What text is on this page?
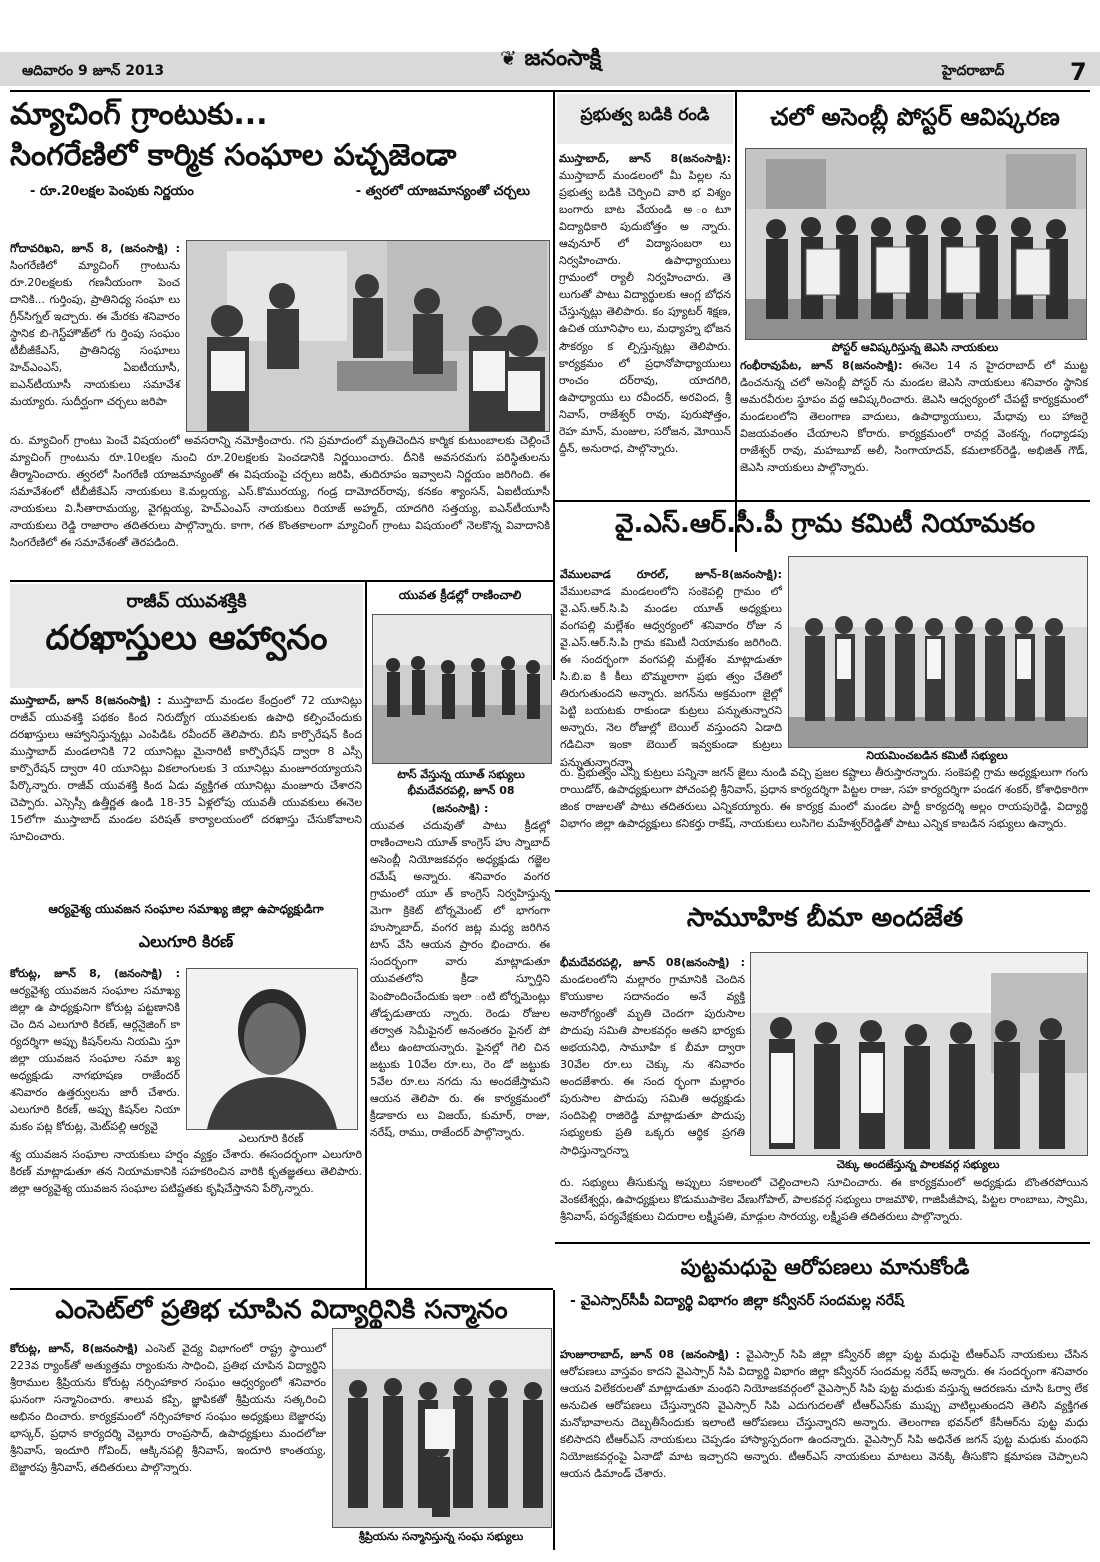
ఆదివారం 9 జూన్ 2013
❦ జనంసాక్షి	హైదరాబాద్	7
మ్యాచింగ్ గ్రాంటుకు...
సింగరేణిలో కార్మిక సంఘాల పచ్చజెండా
- రూ.20లక్షల పెంపుకు నిర్ణయం	- త్వరలో యాజమాన్యంతో చర్చలు
గోదావరిఖని, జూన్ 8, (జనంసాక్షి) : సింగరేణిలో మ్యాచింగ్ గ్రాంటును రూ.20లక్షలకు గణనీయంగా పెంచ దానికి... గుర్తింపు, ప్రాతినిధ్య సంఘా లు గ్రీన్‌సిగ్నల్ ఇచ్చారు. ఈ మేరకు శనివారం స్థానిక బి-గెస్ట్‌హౌజ్‌లో గు ర్తింపు సంఘం టీబీజీకేఎస్, ప్రాతినిధ్య సంఘాలు హెచ్ఎంఎస్, ఏఐటీయూసీ, ఐఎన్‌టీయూసీ నాయకులు సమావేశ మయ్యారు. సుదీర్ఘంగా చర్చలు జరిపా
రు. మ్యాచింగ్ గ్రాంటు పెంచే విషయంలో అవసరాన్ని నమోక్రించారు. గని ప్రమాదంలో మృతిచెందిన కార్మిక కుటుంబాలకు చెల్లించే మ్యాచింగ్ గ్రాంటును రూ.10లక్షల నుంచి రూ.20లక్షలకు పెంచడానికి నిర్ణయించారు. దీనికి అవసరమగు పరిస్థితులను తీర్మానించారు. త్వరలో సింగరేణి యాజమాన్యంతో ఈ విషయంపై చర్చలు జరిపి, తుదిరూపం ఇవ్వాలని నిర్ణయం జరిగింది. ఈ సమావేశంలో టీబీజీకేఎస్ నాయకులు కె.మల్లయ్య, ఎస్.కొమురయ్య, గండ్ర దామోదర్‌రావు, కనకం శ్యాంసన్, ఏఐటీయూసీ నాయకులు వి.సీతారామయ్య, వైగట్లయ్య, హెచ్ఎంఎస్ నాయకులు రియాజ్ అహ్మద్, యాదగిరి సత్తయ్య, ఐఎన్‌టీయూసీ నాయకులు రెడ్డి రాజారాం తదితరులు పాల్గొన్నారు. కాగా, గత కొంతకాలంగా మ్యాచింగ్ గ్రాంటు విషయంలో నెలకొన్న వివాదానికి సింగరేణిలో ఈ సమావేశంతో తెరపడింది.
ప్రభుత్వ బడికి రండి
ముస్తాబాద్, జూన్ 8(జనంసాక్షి): ముస్తాబాద్ మండలంలో మీ పిల్లల ను ప్రభుత్వ బడికి చెర్పించి వారి భ విశ్యం బంగారు బాట వేయండి అ ంటూ విద్యాధికారి పుదుబోత్తం అ న్నారు. ఆవునూర్ లో విద్యాసంబరా లు నిర్వహించారు. ఉపాధ్యాయులు గ్రామంలో ర్యాలీ నిర్వహించారు. తె లుగుతో పాటు విద్యార్థులకు ఆంగ్ల బోధన చేస్తున్నట్లు తెలిపారు. కం ప్యూటర్ శిక్షణ, ఉచిత యూనిఫాం లు, మధ్యాహ్న భోజన సౌకర్యం క ల్పిస్తున్నట్లు తెలిపారు. కార్యక్రమం లో ప్రధానోపాధ్యాయులు రాంచం దర్‌రావు, యాదగిరి, ఉపాధ్యాయు లు రవీందర్, అరవింద, శ్రీ నివాస్, రాజేశ్వర్ రావు, పురుషోత్తం, రెహ మాన్, మంజుల, సరోజన, మోయిన్ ద్దీన్, అనురాధ, పాల్గొన్నారు.
చలో అసెంబ్లీ పోస్టర్ ఆవిష్కరణ
పోస్టర్ ఆవిష్కరిస్తున్న జెఎసి నాయకులు
గంభీరావుపేట, జూన్ 8(జనంసాక్షి): ఈనెల 14 న హైదరాబాద్ లో ముట్ట డించనున్న చలో అసెంబ్లీ పోస్టర్ ను మండల జెఎసి నాయకులు శనివారం స్థానిక అమరవీరుల స్థూపం వద్ద ఆవిష్కరించారు. జెఎసి ఆధ్వర్యంలో చేపట్టే కార్యక్రమంలో మండలంలోని తెలంగాణ వాదులు, ఉపాధ్యాయులు, మేధావు లు హాజరై విజయవంతం చేయాలని కోరారు. కార్యక్రమంలో రావర్ల వెంకన్న, గంధ్యాడపు రాజేశ్వర్ రావు, మహబూబ్ అలీ, సింగాయాదవ్, కమలాకర్‌రెడ్డి, అభిజిత్ గౌడ్, జెఎసి నాయకులు పాల్గొన్నారు.
వై.ఎస్.ఆర్.సీ.పీ గ్రామ కమిటీ నియామకం
వేములవాడ రూరల్, జూన్-8(జనంసాక్షి): వేములవాడ మండలంలోని సంకెపల్లి గ్రామం లో వై.ఎస్.ఆర్.సి.పి మండల యూత్ అధ్యక్షులు వంగపల్లి మల్లేశం ఆధ్వర్యంలో శనివారం రోజు న వై.ఎస్.ఆర్.సి.పి గ్రామ కమిటీ నియామకం జరిగింది. ఈ సందర్భంగా వంగపల్లి మల్లేశం మాట్లాడుతూ సి.బి.ఐ కి కీలు బొమ్మలాగా ప్రభు త్వం చేతిలో తిరుగుతుందని అన్నారు. జగన్‌ను అక్రమంగా జైల్లో పెట్టి బయటకు రాకుండా కుట్రలు పన్నుతున్నారని అన్నారు, నెల రోజుల్లో బెయిల్ వస్తుందని ఏడాది గడిచినా ఇంకా బెయిల్ ఇవ్వకుండా కుట్రలు పన్నుతున్నారన్నా
నియమించబడిన కమిటీ సభ్యులు
రు. ప్రభుత్వం ఎన్ని కుట్రలు పన్నినా జగన్ జైలు నుండి వచ్చి ప్రజల కష్టాలు తీరుస్తారన్నారు. సంకెపల్లి గ్రామ అధ్యక్షులుగా గంగు రాయిడోర్, ఉపాధ్యక్షులుగా పోచంపల్లి శ్రీనివాస్, ప్రధాన కార్యదర్శిగా పిట్టల రాజు, సహ కార్యదర్శిగా పండగ శంకర్, కోశాధికారిగా జింక రాజులతో పాటు తదితరులు ఎన్నికయ్యారు. ఈ కార్యక్ర మంలో మండల పార్టీ కార్యదర్శి అల్లం రాయపురెడ్డి, విద్యార్థి విభాగం జిల్లా ఉపాధ్యక్షులు కనికర్తు రాకేష్, నాయకులు లుసిగెల మహేశ్వర్‌రెడ్డితో పాటు ఎన్నిక కాబడిన సభ్యులు ఉన్నారు.
రాజీవ్ యువశక్తికి
దరఖాస్తులు ఆహ్వానం
ముస్తాబాద్, జూన్ 8(జనంసాక్షి) : ముస్తాబాద్ మండల కేంద్రంలో 72 యూనిట్లు రాజీవ్ యువశక్తి పథకం కింద నిరుద్యోగ యువకులకు ఉపాధి కల్పించేందుకు దరఖాస్తులు ఆహ్వానిస్తున్నట్లు ఎంపిడిఓ రవీందర్ తెలిపారు. బిసి కార్పొరేషన్ కింద ముస్తాబాద్ మండలానికి 72 యూనిట్లు మైనారిటీ కార్పొరేషన్ ద్వారా 8 ఎస్సీ కార్పొరేషన్ ద్వారా 40 యూనిట్లు వికలాంగులకు 3 యూనిట్లు మంజూరయ్యాయని పేర్కొన్నారు. రాజీవ్ యువశక్తి కింద ఏడు వ్యక్తిగత యూనిట్లు మంజూరు చేశారని చెప్పారు. ఎస్సెస్సీ ఉత్తీర్ణత ఉండి 18-35 ఏళ్లలోపు యువతీ యువకులు ఈనెల 15లోగా ముస్తాబాద్ మండల పరిషత్ కార్యాలయంలో దరఖాస్తు చేసుకోవాలని సూచించారు.
ఆర్యవైశ్య యువజన సంఘాల సమాఖ్య జిల్లా ఉపాధ్యక్షుడిగా
ఎలుగూరి కిరణ్
కోరుట్ల, జూన్ 8, (జనంసాక్షి) : ఆర్యవైశ్య యువజన సంఘాల సమాఖ్య జిల్లా ఉ పాధ్యక్షునిగా కోరుట్ల పట్టణానికి చెం దిన ఎలుగూరి కిరణ్, ఆర్గనైజింగ్ కా ర్యదర్శిగా అప్పు కిషన్‌లను నియమి స్తూ జిల్లా యువజన సంఘాల సమా ఖ్య అధ్యక్షుడు నాగభూషణ రాజేందర్ శనివారం ఉత్తర్వులను జారీ చేశారు. ఎలుగూరి కిరణ్, అప్పు కిషన్‌ల నియా మకం పట్ల కోరుట్ల, మెట్‌పల్లి ఆర్యవై
ఎలుగూరి కిరణ్
శ్య యువజన సంఘాల నాయకులు హర్షం వ్యక్తం చేశారు. ఈసందర్భంగా ఎలుగూరి కిరణ్ మాట్లాడుతూ తన నియామకానికి సహకరించిన వారికి కృతజ్ఞతలు తెలిపారు. జిల్లా ఆర్యవైశ్య యువజన సంఘాల పటిష్టతకు కృషిచేస్తానని పేర్కొన్నారు.
యువత క్రీడల్లో రాణించాలి
టాస్ వేస్తున్న యూత్ సభ్యులు
భీమదేవరపల్లి, జూన్ 08
(జనంసాక్షి) :
యువత చదువుతో పాటు క్రీడల్లో రాణించాలని యూత్ కాంగ్రెస్ హు స్నాబాద్ అసెంబ్లీ నియోజకవర్గం అధ్యక్షుడు గజ్జెల రమేష్ అన్నారు. శనివారం వంగర గ్రామంలో యూ త్ కాంగ్రెస్ నిర్వహిస్తున్న మెగా క్రికెట్ టోర్నమెంట్ లో భాగంగా హుస్నాబాద్, వంగర జట్ల మధ్య జరిగిన టాస్ వేసి ఆయన ప్రారం భించారు. ఈ సందర్భంగా వారు మాట్లాడుతూ యువతలోని క్రీడా స్ఫూర్తిని పెంపొందించేందుకు ఇలా ంటి టోర్నమెంట్లు తోడ్పడుతాయ న్నారు. రెండు రోజుల తర్వాత సెమీఫైనల్ అనంతరం ఫైనల్ పో టీలు ఉంటాయన్నారు. ఫైనల్లో గెలి చిన జట్టుకు 10వేల రూ.లు, రెం డో జట్టుకు 5వేల రూ.లు నగదు ను అందజేస్తామని ఆయన తెలిపా రు. ఈ కార్యక్రమంలో క్రీడాకారు లు విజయ్, కుమార్, రాజు, నరేష్, రాము, రాజేందర్ పాల్గొన్నారు.
సామూహిక బీమా అందజేత
భీమదేవరపల్లి, జూన్ 08(జనంసాక్షి) : మండలంలోని మల్లారం గ్రామానికి చెందిన కొయుకాల సదానందం అనే వ్యక్తి అనారోగ్యంతో మృతి చెందగా పురుసాల పొదుపు సమితి పాలకవర్గం అతని భార్యకు అభయనిధి, సామూహి క బీమా ద్వారా 30వేల రూ.లు చెక్కు ను శనివారం అందజేశారు. ఈ సంద ర్భంగా మల్లారం పురుసాల పొదుపు సమితి అధ్యక్షుడు సందిపెల్లి రాజిరెడ్డి మాట్లాడుతూ పొదుపు సభ్యులకు ప్రతి ఒక్కరు ఆర్థిక ప్రగతి సాధిస్తున్నారన్నా
చెక్కు అందజేస్తున్న పాలకవర్గ సభ్యులు
రు. సభ్యులు తీసుకున్న అప్పులు సకాలంలో చెల్లించాలని సూచించారు. ఈ కార్యక్రమంలో అధ్యక్షుడు బొంతరపోయిన వెంకటేశ్వర్లు, ఉపాధ్యక్షులు కొడుముపాకెల వేణుగోపాల్, పాలకవర్గ సభ్యులు రాజమౌళి, గాజిపీజీపాష, పిట్టల రాంబాబు, స్వామి, శ్రీనివాస్, పర్యవేక్షకులు చిదురాల లక్ష్మీపతి, మాడ్గుల సారయ్య, లక్ష్మీపతి తదితరులు పాల్గొన్నారు.
ఎంసెట్‌లో ప్రతిభ చూపిన విద్యార్థినికి సన్మానం
కోరుట్ల, జూన్, 8(జనంసాక్షి) ఎంసెట్ వైద్య విభాగంలో రాష్ట్ర స్థాయిలో 223వ ర్యాంక్‌తో అత్యుత్తమ ర్యాంకును సాధించి, ప్రతిభ చూపిన విద్యార్థిని శ్రీరాముల శ్రీప్రియను కోరుట్ల నర్సింహాకార సంఘం ఆధ్వర్యంలో శనివారం ఘనంగా సన్మానించారు. శాలువ కప్పి, జ్ఞాపికతో శ్రీప్రియను సత్కరించి అభినం దించారు. కార్యక్రమంలో నర్సింహాకార సంఘం అధ్యక్షులు బెజ్జారపు భాస్కర్, ప్రధాన కార్యదర్శి వెల్లూరు రాంప్రసాద్, ఉపాధ్యక్షులు మందలోజు శ్రీనివాస్, ఇందూరి గోవింద్, ఆక్కినపల్లి శ్రీనివాస్, ఇందూరి కాంతయ్య, బెజ్జారపు శ్రీనివాస్, తదితరులు పాల్గొన్నారు.
శ్రీప్రియను సన్మానిస్తున్న సంఘ సభ్యులు
పుట్టమధుపై ఆరోపణలు మానుకోండి
- వైఎస్సార్‌సీపీ విద్యార్థి విభాగం జిల్లా కన్వీనర్ సందమల్ల నరేష్
హుజూరాబాద్, జూన్ 08 (జనంసాక్షి) : వైఎస్సార్ సిపి జిల్లా కన్వీనర్ జిల్లా పుట్ట మధుపై టీఆర్ఎస్ నాయకులు చేసిన ఆరోపణలు వాస్తవం కాదని వైఎస్సార్ సిపి విద్యార్థి విభాగం జిల్లా కన్వీనర్ సందమల్ల నరేష్ అన్నారు. ఈ సందర్భంగా శనివారం ఆయన విలేకరులతో మాట్లాడుతూ మంథని నియోజకవర్గంలో వైఎస్సార్ సిపి పుట్ట మధుకు వస్తున్న ఆదరణను చూసి ఓర్వా లేక అనుచిత ఆరోపణలు చేస్తున్నారని వైఎస్సార్ సిపి ఎదుగుదలతో టీఆర్ఎస్‌కు ముప్పు వాటిల్లుతుందని తెలిసి వ్యక్తిగత మనోభావాలను దెబ్బతీసేందుకు ఇలాంటి ఆరోపణలు చేస్తున్నారని అన్నారు. తెలంగాణ భవన్‌లో కేసీఆర్‌ను పుట్ట మధు కలిసాదని టీఆర్ఎస్ నాయకులు చెప్పడం హాస్యాస్పదంగా ఉందన్నారు. వైఎస్సార్ సిపి అధినేత జగన్ పుట్ట మధుకు మంథని నియోజకవర్గంపై ఏనాడో మాట ఇచ్చారని అన్నారు. టీఆర్ఎస్ నాయకులు మాటలు వెనక్కి తీసుకొని క్షమాపణ చెప్పాలని ఆయన డిమాండ్ చేశారు.
